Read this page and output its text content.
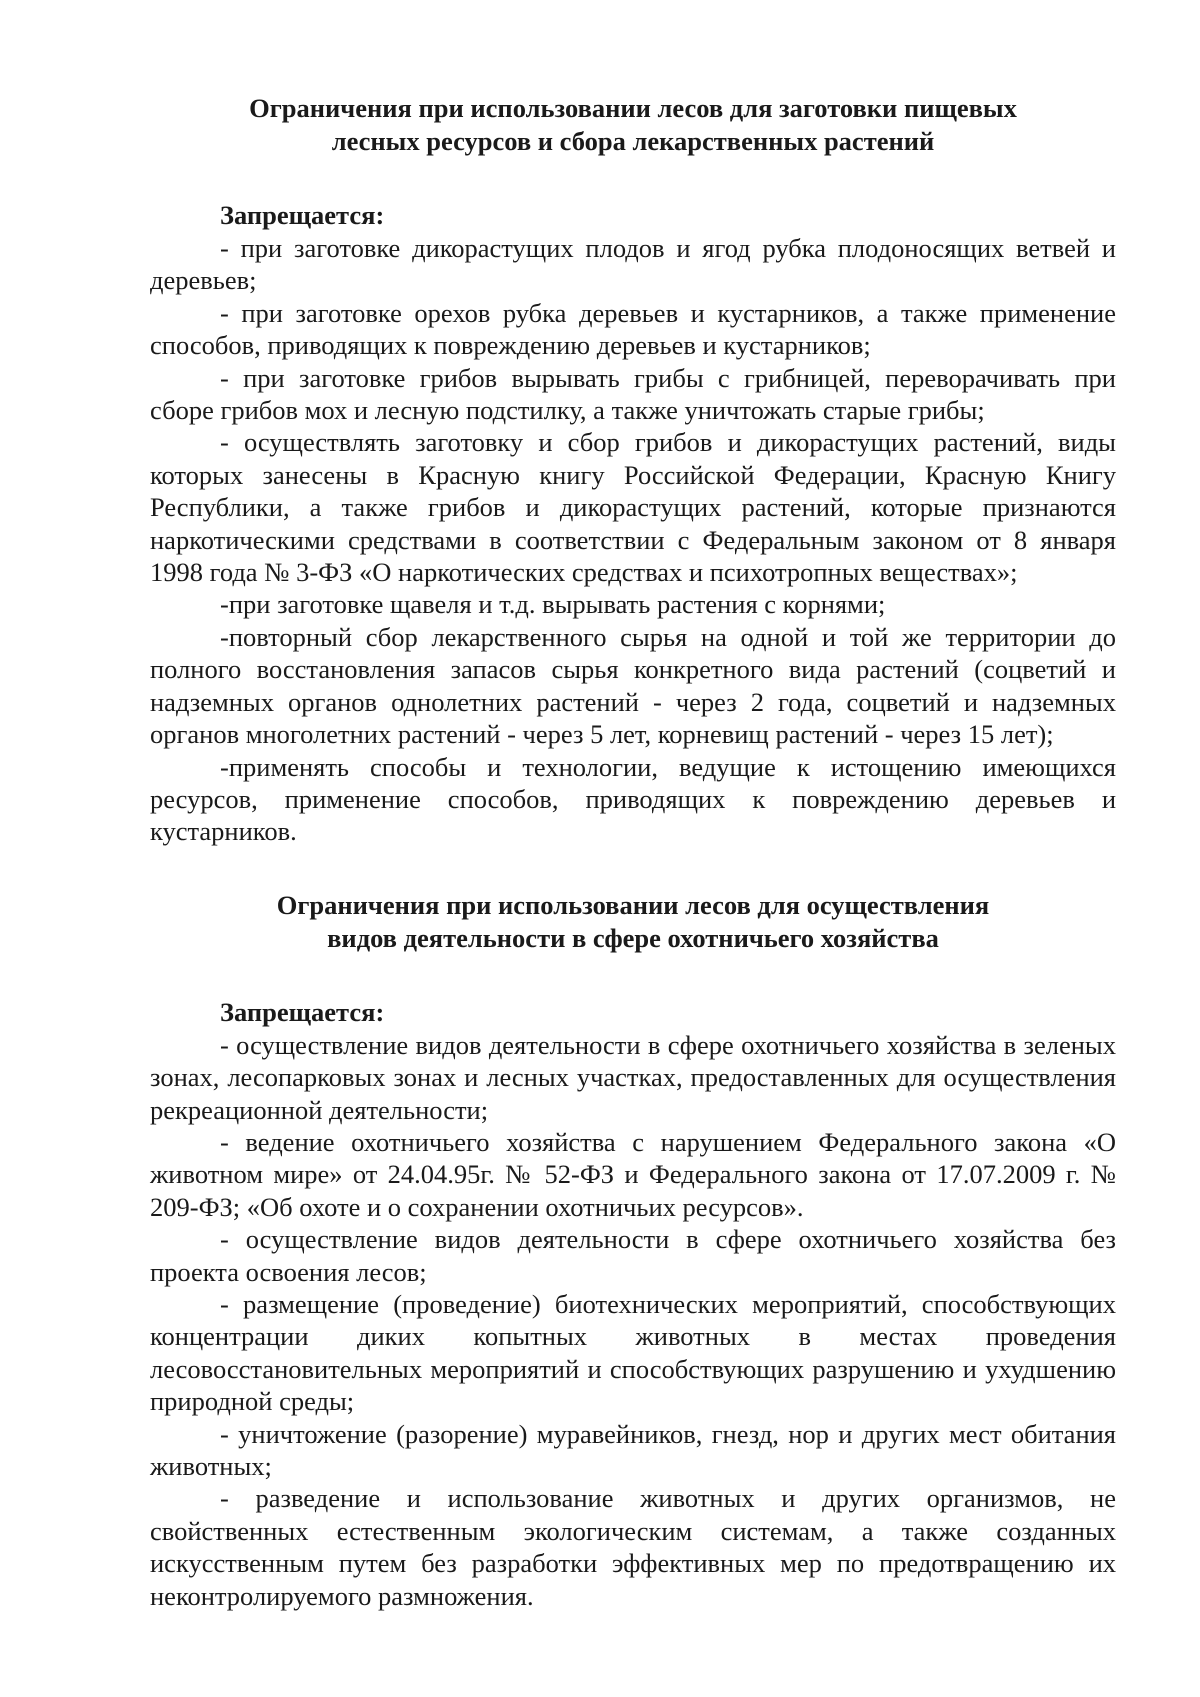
Ограничения при использовании лесов для заготовки пищевых
лесных ресурсов и сбора лекарственных растений

Запрещается:

- при заготовке дикорастущих плодов и ягод рубка плодоносящих ветвей и деревьев;

- при заготовке орехов рубка деревьев и кустарников, а также применение способов, приводящих к повреждению деревьев и кустарников;

- при заготовке грибов вырывать грибы с грибницей, переворачивать при сборе грибов мох и лесную подстилку, а также уничтожать старые грибы;

- осуществлять заготовку и сбор грибов и дикорастущих растений, виды которых занесены в Красную книгу Российской Федерации, Красную Книгу Республики, а также грибов и дикорастущих растений, которые признаются наркотическими средствами в соответствии с Федеральным законом от 8 января 1998 года № 3-ФЗ «О наркотических средствах и психотропных веществах»;

-при заготовке щавеля и т.д. вырывать растения с корнями;

-повторный сбор лекарственного сырья на одной и той же территории до полного восстановления запасов сырья конкретного вида растений (соцветий и надземных органов однолетних растений - через 2 года, соцветий и надземных органов многолетних растений - через 5 лет, корневищ растений - через 15 лет);

-применять способы и технологии, ведущие к истощению имеющихся ресурсов, применение способов, приводящих к повреждению деревьев и кустарников.

Ограничения при использовании лесов для осуществления
видов деятельности в сфере охотничьего хозяйства

Запрещается:

- осуществление видов деятельности в сфере охотничьего хозяйства в зеленых зонах, лесопарковых зонах и лесных участках, предоставленных для осуществления рекреационной деятельности;

- ведение охотничьего хозяйства с нарушением Федерального закона «О животном мире» от 24.04.95г. № 52-ФЗ и Федерального закона от 17.07.2009 г. № 209-ФЗ; «Об охоте и о сохранении охотничьих ресурсов».

- осуществление видов деятельности в сфере охотничьего хозяйства без проекта освоения лесов;

- размещение (проведение) биотехнических мероприятий, способствующих концентрации диких копытных животных в местах проведения лесовосстановительных мероприятий и способствующих разрушению и ухудшению природной среды;

- уничтожение (разорение) муравейников, гнезд, нор и других мест обитания животных;

- разведение и использование животных и других организмов, не свойственных естественным экологическим системам, а также созданных искусственным путем без разработки эффективных мер по предотвращению их неконтролируемого размножения.
